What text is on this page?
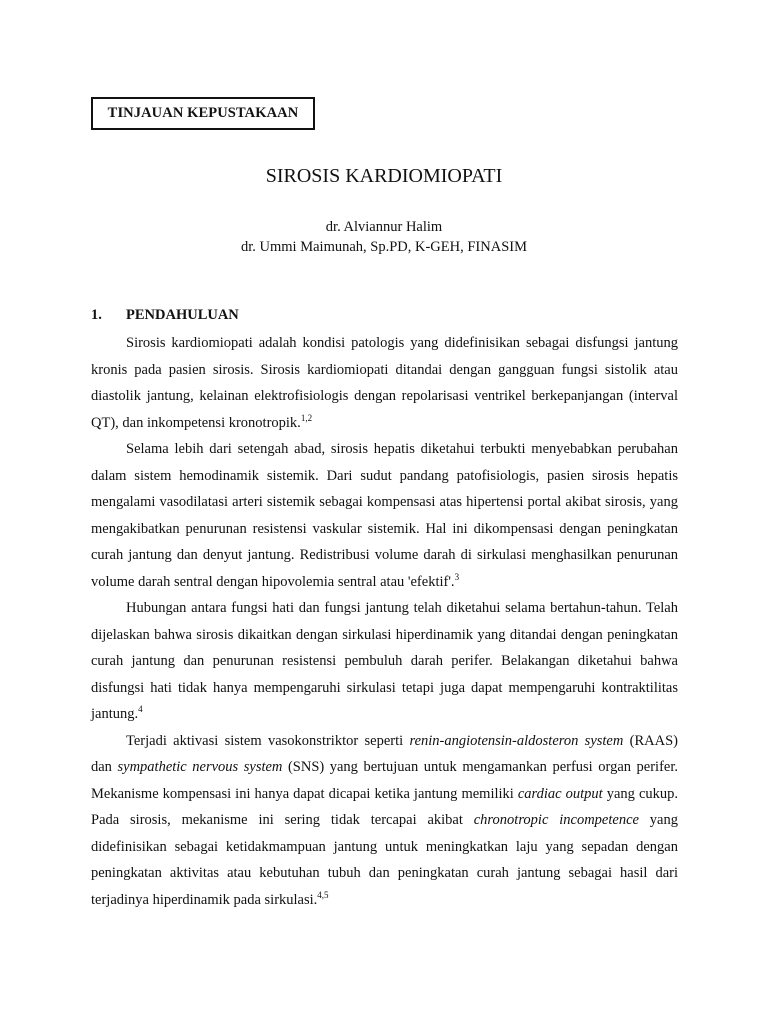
TINJAUAN KEPUSTAKAAN
SIROSIS KARDIOMIOPATI
dr. Alviannur Halim
dr. Ummi Maimunah, Sp.PD, K-GEH, FINASIM
1.	PENDAHULUAN

Sirosis kardiomiopati adalah kondisi patologis yang didefinisikan sebagai disfungsi jantung kronis pada pasien sirosis. Sirosis kardiomiopati ditandai dengan gangguan fungsi sistolik atau diastolik jantung, kelainan elektrofisiologis dengan repolarisasi ventrikel berkepanjangan (interval QT), dan inkompetensi kronotropik.$^{1,2}$

Selama lebih dari setengah abad, sirosis hepatis diketahui terbukti menyebabkan perubahan dalam sistem hemodinamik sistemik. Dari sudut pandang patofisiologis, pasien sirosis hepatis mengalami vasodilatasi arteri sistemik sebagai kompensasi atas hipertensi portal akibat sirosis, yang mengakibatkan penurunan resistensi vaskular sistemik. Hal ini dikompensasi dengan peningkatan curah jantung dan denyut jantung. Redistribusi volume darah di sirkulasi menghasilkan penurunan volume darah sentral dengan hipovolemia sentral atau 'efektif'.$^3$

Hubungan antara fungsi hati dan fungsi jantung telah diketahui selama bertahun-tahun. Telah dijelaskan bahwa sirosis dikaitkan dengan sirkulasi hiperdinamik yang ditandai dengan peningkatan curah jantung dan penurunan resistensi pembuluh darah perifer. Belakangan diketahui bahwa disfungsi hati tidak hanya mempengaruhi sirkulasi tetapi juga dapat mempengaruhi kontraktilitas jantung.$^4$

Terjadi aktivasi sistem vasokonstriktor seperti renin-angiotensin-aldosteron system (RAAS) dan sympathetic nervous system (SNS) yang bertujuan untuk mengamankan perfusi organ perifer. Mekanisme kompensasi ini hanya dapat dicapai ketika jantung memiliki cardiac output yang cukup. Pada sirosis, mekanisme ini sering tidak tercapai akibat chronotropic incompetence yang didefinisikan sebagai ketidakmampuan jantung untuk meningkatkan laju yang sepadan dengan peningkatan aktivitas atau kebutuhan tubuh dan peningkatan curah jantung sebagai hasil dari terjadinya hiperdinamik pada sirkulasi.$^{4,5}$
